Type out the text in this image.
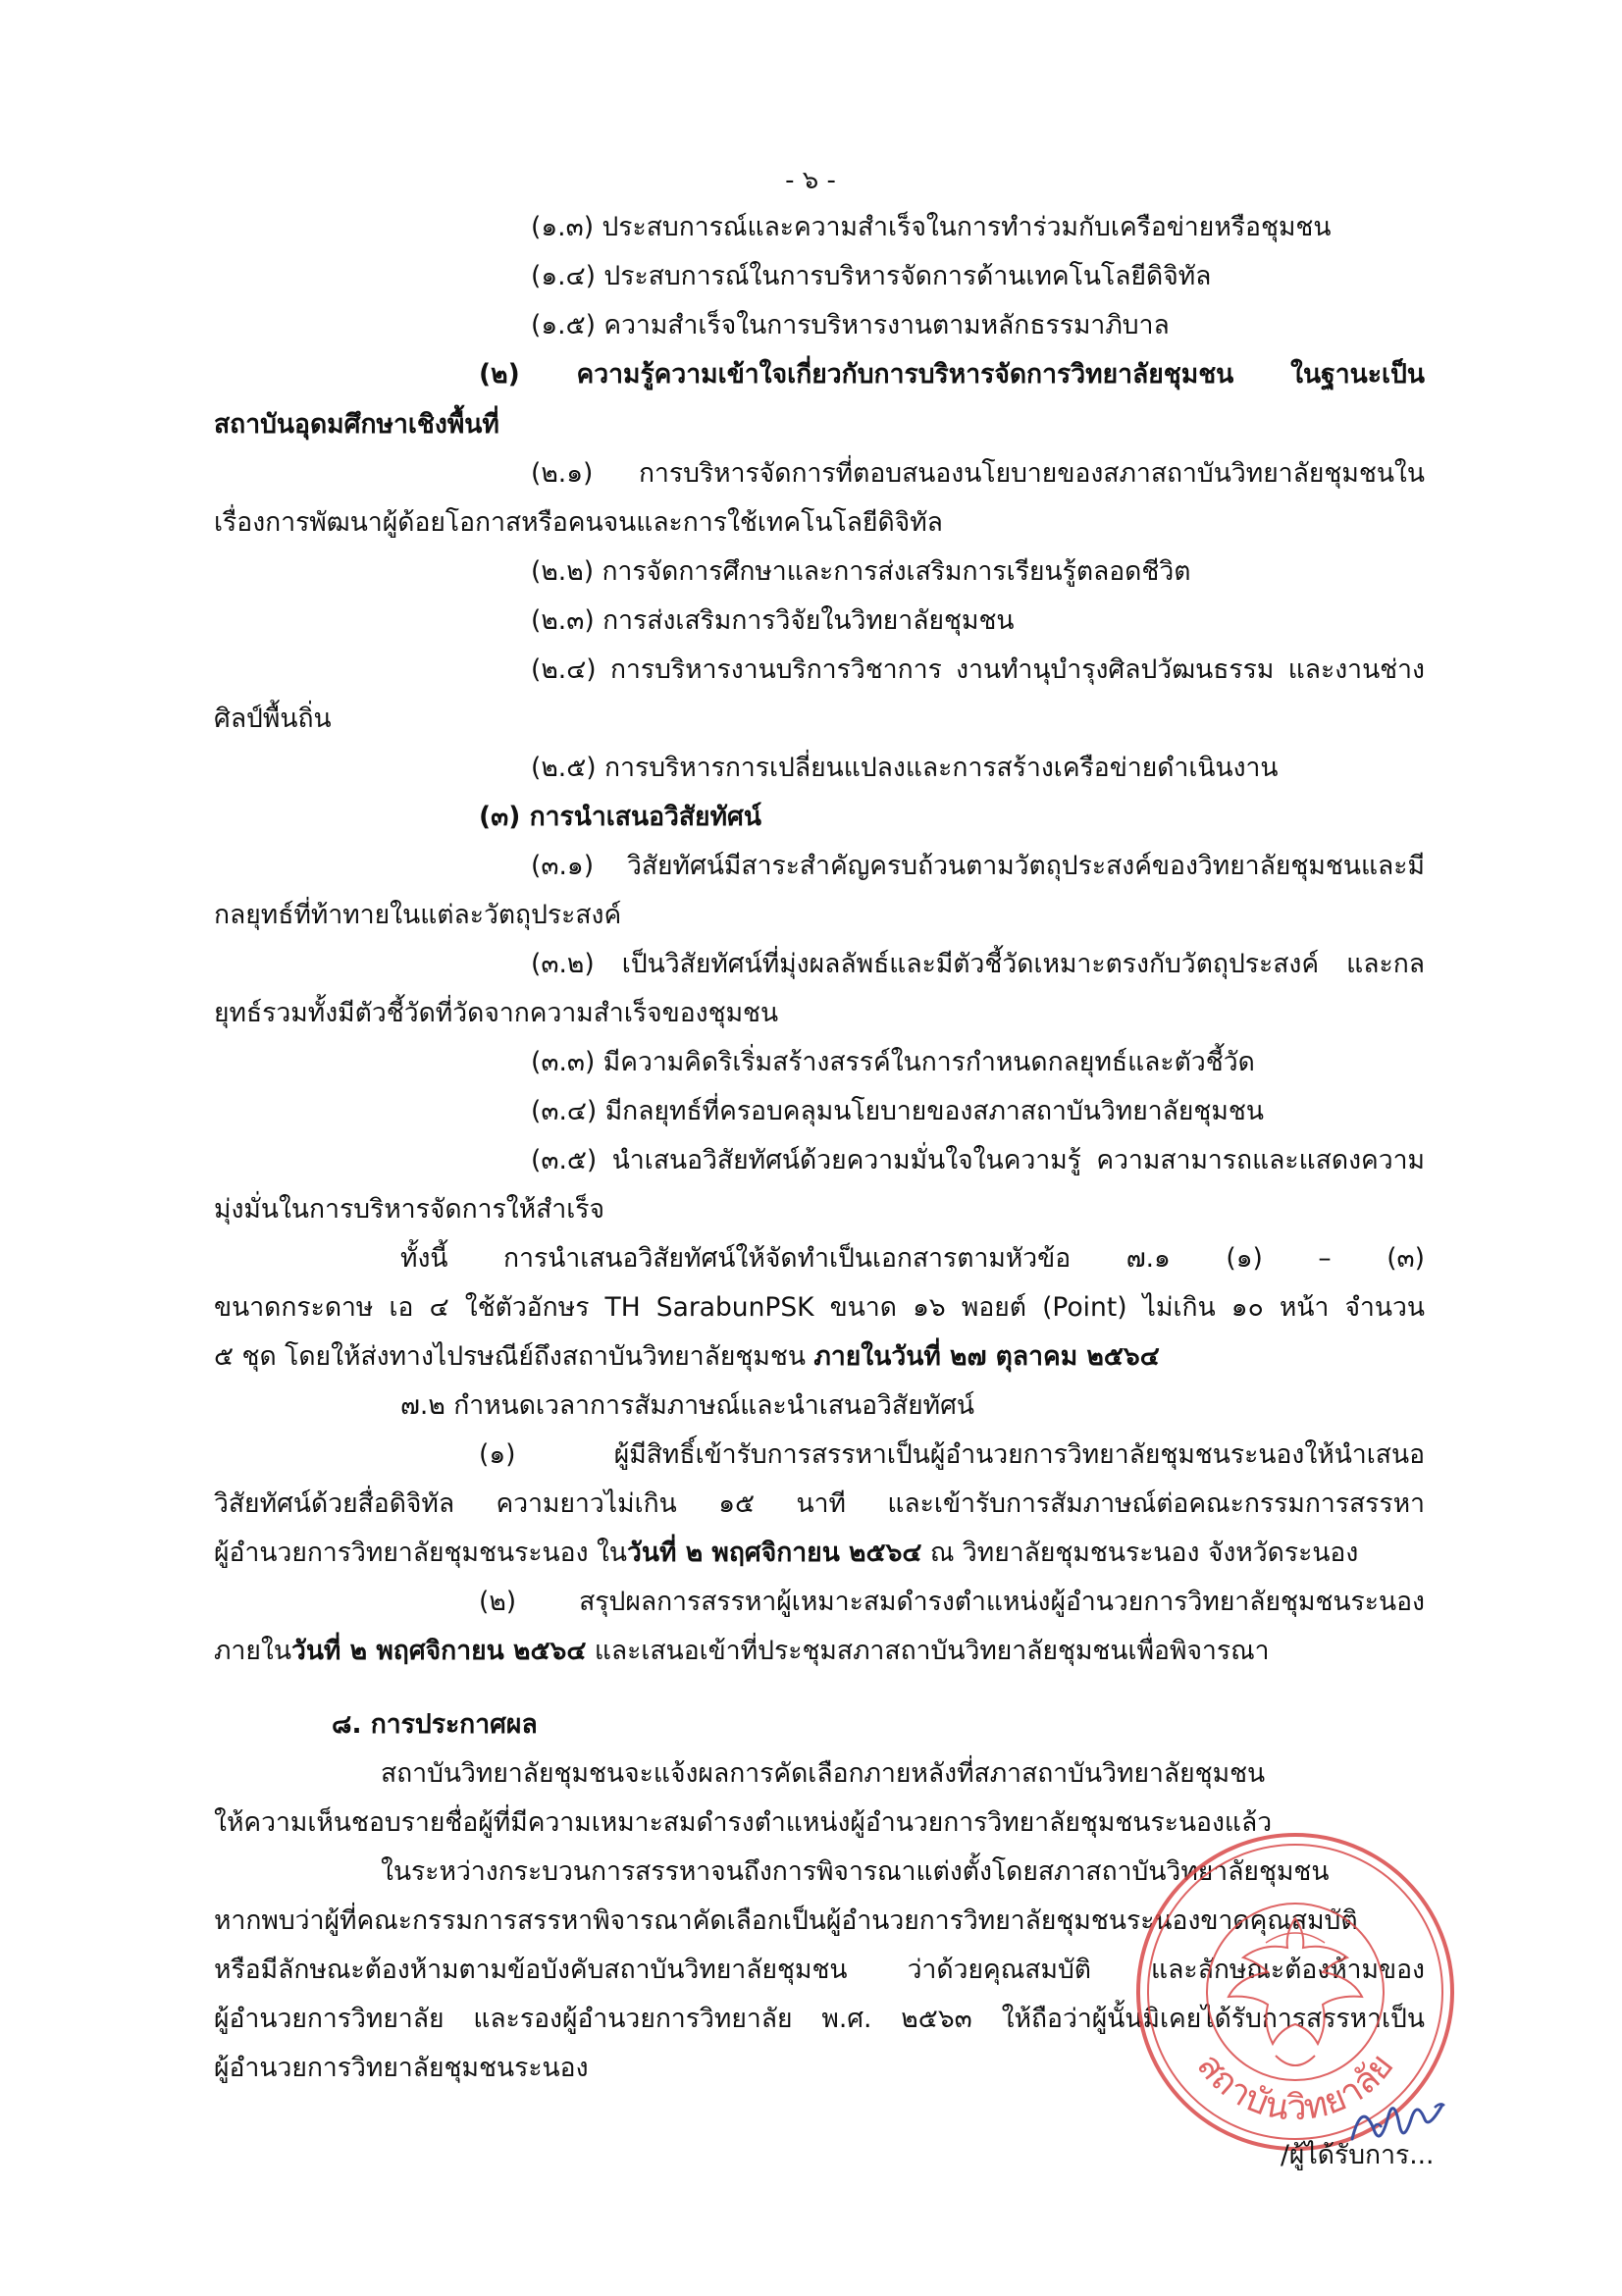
- ๖ -
(๑.๓) ประสบการณ์และความสำเร็จในการทำร่วมกับเครือข่ายหรือชุมชน
(๑.๔) ประสบการณ์ในการบริหารจัดการด้านเทคโนโลยีดิจิทัล
(๑.๕) ความสำเร็จในการบริหารงานตามหลักธรรมาภิบาล
(๒) ความรู้ความเข้าใจเกี่ยวกับการบริหารจัดการวิทยาลัยชุมชน ในฐานะเป็น
สถาบันอุดมศึกษาเชิงพื้นที่
(๒.๑) การบริหารจัดการที่ตอบสนองนโยบายของสภาสถาบันวิทยาลัยชุมชนใน
เรื่องการพัฒนาผู้ด้อยโอกาสหรือคนจนและการใช้เทคโนโลยีดิจิทัล
(๒.๒) การจัดการศึกษาและการส่งเสริมการเรียนรู้ตลอดชีวิต
(๒.๓) การส่งเสริมการวิจัยในวิทยาลัยชุมชน
(๒.๔) การบริหารงานบริการวิชาการ งานทำนุบำรุงศิลปวัฒนธรรม และงานช่าง
ศิลป์พื้นถิ่น
(๒.๕) การบริหารการเปลี่ยนแปลงและการสร้างเครือข่ายดำเนินงาน
(๓) การนำเสนอวิสัยทัศน์
(๓.๑) วิสัยทัศน์มีสาระสำคัญครบถ้วนตามวัตถุประสงค์ของวิทยาลัยชุมชนและมี
กลยุทธ์ที่ท้าทายในแต่ละวัตถุประสงค์
(๓.๒) เป็นวิสัยทัศน์ที่มุ่งผลลัพธ์และมีตัวชี้วัดเหมาะตรงกับวัตถุประสงค์ และกล
ยุทธ์รวมทั้งมีตัวชี้วัดที่วัดจากความสำเร็จของชุมชน
(๓.๓) มีความคิดริเริ่มสร้างสรรค์ในการกำหนดกลยุทธ์และตัวชี้วัด
(๓.๔) มีกลยุทธ์ที่ครอบคลุมนโยบายของสภาสถาบันวิทยาลัยชุมชน
(๓.๕) นำเสนอวิสัยทัศน์ด้วยความมั่นใจในความรู้ ความสามารถและแสดงความ
มุ่งมั่นในการบริหารจัดการให้สำเร็จ
ทั้งนี้ การนำเสนอวิสัยทัศน์ให้จัดทำเป็นเอกสารตามหัวข้อ ๗.๑ (๑) – (๓)
ขนาดกระดาษ เอ ๔ ใช้ตัวอักษร TH SarabunPSK ขนาด ๑๖ พอยต์ (Point) ไม่เกิน ๑๐ หน้า จำนวน
๕ ชุด โดยให้ส่งทางไปรษณีย์ถึงสถาบันวิทยาลัยชุมชน ภายในวันที่ ๒๗ ตุลาคม ๒๕๖๔
๗.๒ กำหนดเวลาการสัมภาษณ์และนำเสนอวิสัยทัศน์
(๑) ผู้มีสิทธิ์เข้ารับการสรรหาเป็นผู้อำนวยการวิทยาลัยชุมชนระนองให้นำเสนอ
วิสัยทัศน์ด้วยสื่อดิจิทัล ความยาวไม่เกิน ๑๕ นาที และเข้ารับการสัมภาษณ์ต่อคณะกรรมการสรรหา
ผู้อำนวยการวิทยาลัยชุมชนระนอง ในวันที่ ๒ พฤศจิกายน ๒๕๖๔ ณ วิทยาลัยชุมชนระนอง จังหวัดระนอง
(๒) สรุปผลการสรรหาผู้เหมาะสมดำรงตำแหน่งผู้อำนวยการวิทยาลัยชุมชนระนอง
ภายในวันที่ ๒ พฤศจิกายน ๒๕๖๔ และเสนอเข้าที่ประชุมสภาสถาบันวิทยาลัยชุมชนเพื่อพิจารณา
๘. การประกาศผล
สถาบันวิทยาลัยชุมชนจะแจ้งผลการคัดเลือกภายหลังที่สภาสถาบันวิทยาลัยชุมชน
ให้ความเห็นชอบรายชื่อผู้ที่มีความเหมาะสมดำรงตำแหน่งผู้อำนวยการวิทยาลัยชุมชนระนองแล้ว
ในระหว่างกระบวนการสรรหาจนถึงการพิจารณาแต่งตั้งโดยสภาสถาบันวิทยาลัยชุมชน
หากพบว่าผู้ที่คณะกรรมการสรรหาพิจารณาคัดเลือกเป็นผู้อำนวยการวิทยาลัยชุมชนระนองขาดคุณสมบัติ
หรือมีลักษณะต้องห้ามตามข้อบังคับสถาบันวิทยาลัยชุมชน ว่าด้วยคุณสมบัติ และลักษณะต้องห้ามของ
ผู้อำนวยการวิทยาลัย และรองผู้อำนวยการวิทยาลัย พ.ศ. ๒๕๖๓ ให้ถือว่าผู้นั้นมิเคยได้รับการสรรหาเป็น
ผู้อำนวยการวิทยาลัยชุมชนระนอง	สถาบันวิทยาลัย
/ผู้ได้รับการ...
